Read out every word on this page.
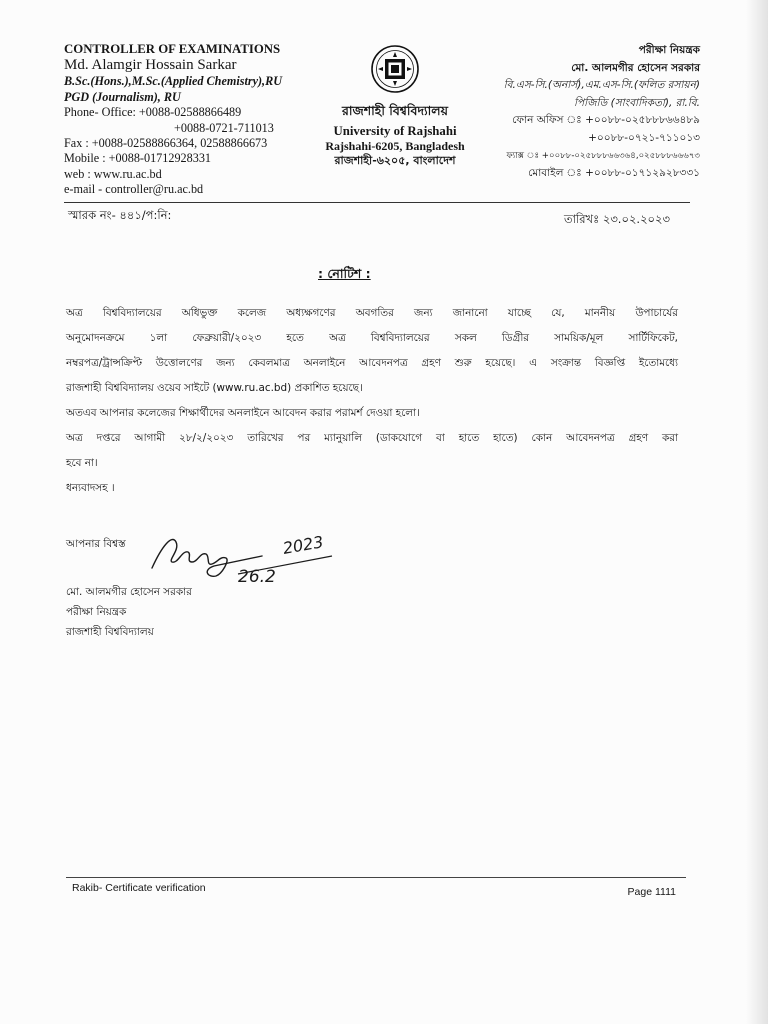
CONTROLLER OF EXAMINATIONS
Md. Alamgir Hossain Sarkar
B.Sc.(Hons.),M.Sc.(Applied Chemistry),RU
PGD (Journalism), RU
Phone- Office: +0088-02588866489
+0088-0721-711013
Fax : +0088-02588866364, 02588866673
Mobile : +0088-01712928331
web : www.ru.ac.bd
e-mail - controller@ru.ac.bd
রাজশাহী বিশ্ববিদ্যালয়
University of Rajshahi
Rajshahi-6205, Bangladesh
রাজশাহী-৬২০৫, বাংলাদেশ
পরীক্ষা নিয়ন্ত্রক
মো. আলমগীর হোসেন সরকার
বি.এস-সি.(অনার্স),এম.এস-সি.(ফলিত রসায়ন)
পিজিডি (সাংবাদিকতা), রা.বি.
ফোন অফিস ঃ +০০৮৮-০২৫৮৮৮৬৬৪৮৯
+০০৮৮-০৭২১-৭১১০১৩
ফ্যাক্স ঃ +০০৮৮-০২৫৮৮৮৬৬৩৬৪,০২৫৮৮৮৬৬৬৭৩
মোবাইল ঃ +০০৮৮-০১৭১২৯২৮৩৩১
স্মারক নং- ৪৪১/প:নি:	তারিখঃ ২৩.০২.২০২৩
: নোটিশ :

অত্র বিশ্ববিদ্যালয়ের অধিভুক্ত কলেজ অধ্যক্ষগণের অবগতির জন্য জানানো যাচ্ছে যে, মাননীয় উপাচার্যের

অনুমোদনক্রমে ১লা ফেব্রুয়ারী/২০২৩ হতে অত্র বিশ্ববিদ্যালয়ের সকল ডিগ্রীর সাময়িক/মূল সার্টিফিকেট,

নম্বরপত্র/ট্রান্সক্রিপ্ট উত্তোলণের জন্য কেবলমাত্র অনলাইনে আবেদনপত্র গ্রহণ শুরু হয়েছে। এ সংক্রান্ত বিজ্ঞপ্তি ইতোমধ্যে

রাজশাহী বিশ্ববিদ্যালয় ওয়েব সাইটে (www.ru.ac.bd) প্রকাশিত হয়েছে।

অতএব আপনার কলেজের শিক্ষার্থীদের অনলাইনে আবেদন করার পরামর্শ দেওয়া হলো।

অত্র দপ্তরে আগামী ২৮/২/২০২৩ তারিখের পর ম্যানুয়ালি (ডাকযোগে বা হাতে হাতে) কোন আবেদনপত্র গ্রহণ করা

হবে না।

ধন্যবাদসহ ।

আপনার বিশ্বস্ত
মো. আলমগীর হোসেন সরকার
পরীক্ষা নিয়ন্ত্রক
রাজশাহী বিশ্ববিদ্যালয়
26.2
2023
Rakib- Certificate verification	Page 1111
